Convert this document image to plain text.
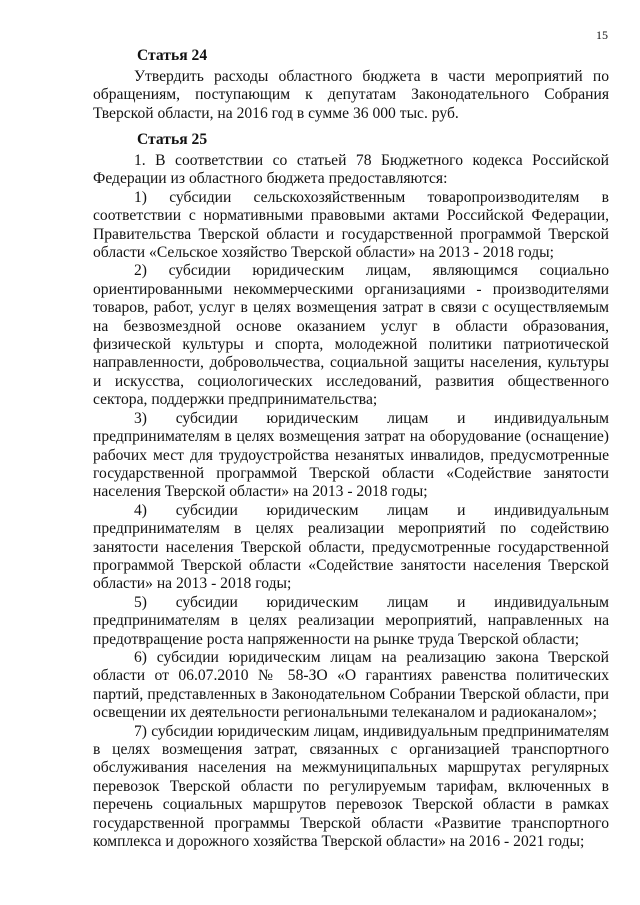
15
Статья 24

Утвердить расходы областного бюджета в части мероприятий по обращениям, поступающим к депутатам Законодательного Собрания Тверской области, на 2016 год в сумме 36 000 тыс. руб.

Статья 25

1. В соответствии со статьей 78 Бюджетного кодекса Российской Федерации из областного бюджета предоставляются:

1) субсидии сельскохозяйственным товаропроизводителям в соответствии с нормативными правовыми актами Российской Федерации, Правительства Тверской области и государственной программой Тверской области «Сельское хозяйство Тверской области» на 2013 - 2018 годы;

2) субсидии юридическим лицам, являющимся социально ориентированными некоммерческими организациями - производителями товаров, работ, услуг в целях возмещения затрат в связи с осуществляемым на безвозмездной основе оказанием услуг в области образования, физической культуры и спорта, молодежной политики патриотической направленности, добровольчества, социальной защиты населения, культуры и искусства, социологических исследований, развития общественного сектора, поддержки предпринимательства;

3) субсидии юридическим лицам и индивидуальным предпринимателям в целях возмещения затрат на оборудование (оснащение) рабочих мест для трудоустройства незанятых инвалидов, предусмотренные государственной программой Тверской области «Содействие занятости населения Тверской области» на 2013 - 2018 годы;

4) субсидии юридическим лицам и индивидуальным предпринимателям в целях реализации мероприятий по содействию занятости населения Тверской области, предусмотренные государственной программой Тверской области «Содействие занятости населения Тверской области» на 2013 - 2018 годы;

5) субсидии юридическим лицам и индивидуальным предпринимателям в целях реализации мероприятий, направленных на предотвращение роста напряженности на рынке труда Тверской области;

6) субсидии юридическим лицам на реализацию закона Тверской области от 06.07.2010 № 58-ЗО «О гарантиях равенства политических партий, представленных в Законодательном Собрании Тверской области, при освещении их деятельности региональными телеканалом и радиоканалом»;

7) субсидии юридическим лицам, индивидуальным предпринимателям в целях возмещения затрат, связанных с организацией транспортного обслуживания населения на межмуниципальных маршрутах регулярных перевозок Тверской области по регулируемым тарифам, включенных в перечень социальных маршрутов перевозок Тверской области в рамках государственной программы Тверской области «Развитие транспортного комплекса и дорожного хозяйства Тверской области» на 2016 - 2021 годы;
